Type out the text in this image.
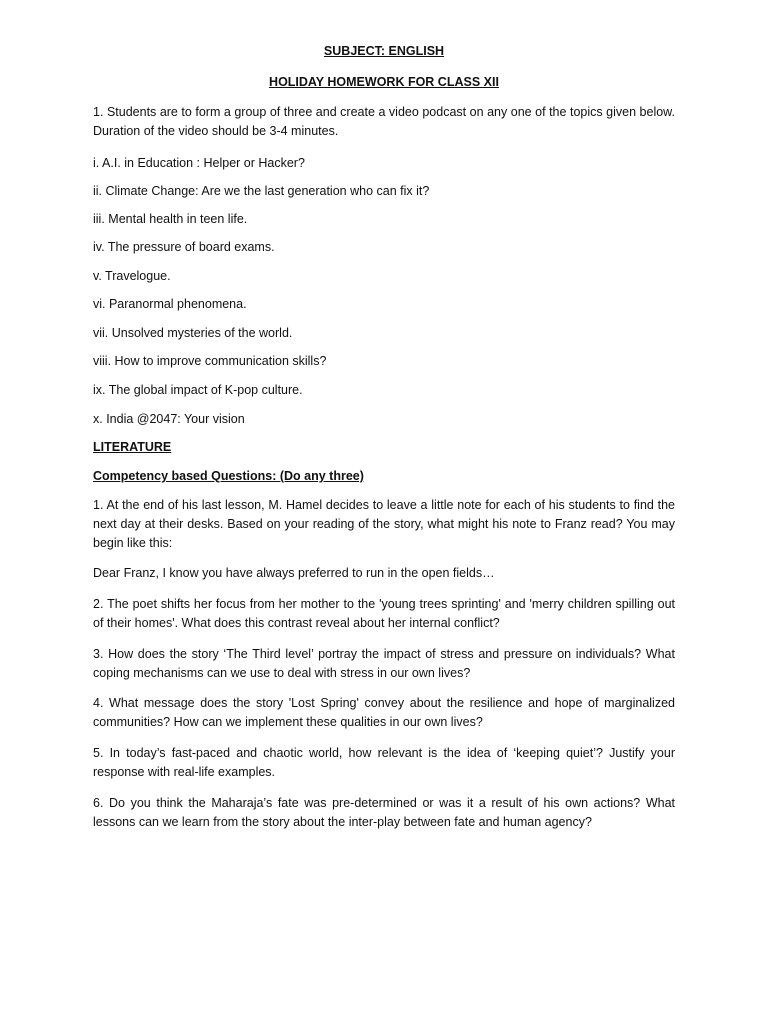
SUBJECT: ENGLISH
HOLIDAY HOMEWORK FOR CLASS XII
1. Students are to form a group of three and create a video podcast on any one of the topics given below. Duration of the video should be 3-4 minutes.
i. A.I. in Education : Helper or Hacker?
ii. Climate Change: Are we the last generation who can fix it?
iii. Mental health in teen life.
iv. The pressure of board exams.
v. Travelogue.
vi. Paranormal phenomena.
vii. Unsolved mysteries of the world.
viii. How to improve communication skills?
ix. The global impact of K-pop culture.
x. India @2047: Your vision
LITERATURE
Competency based Questions: (Do any three)
1. At the end of his last lesson, M. Hamel decides to leave a little note for each of his students to find the next day at their desks. Based on your reading of the story, what might his note to Franz read? You may begin like this:
Dear Franz, I know you have always preferred to run in the open fields…
2. The poet shifts her focus from her mother to the 'young trees sprinting' and 'merry children spilling out of their homes'. What does this contrast reveal about her internal conflict?
3. How does the story ‘The Third level’ portray the impact of stress and pressure on individuals? What coping mechanisms can we use to deal with stress in our own lives?
4. What message does the story 'Lost Spring' convey about the resilience and hope of marginalized communities? How can we implement these qualities in our own lives?
5. In today’s fast-paced and chaotic world, how relevant is the idea of ‘keeping quiet’? Justify your response with real-life examples.
6. Do you think the Maharaja’s fate was pre-determined or was it a result of his own actions? What lessons can we learn from the story about the inter-play between fate and human agency?
